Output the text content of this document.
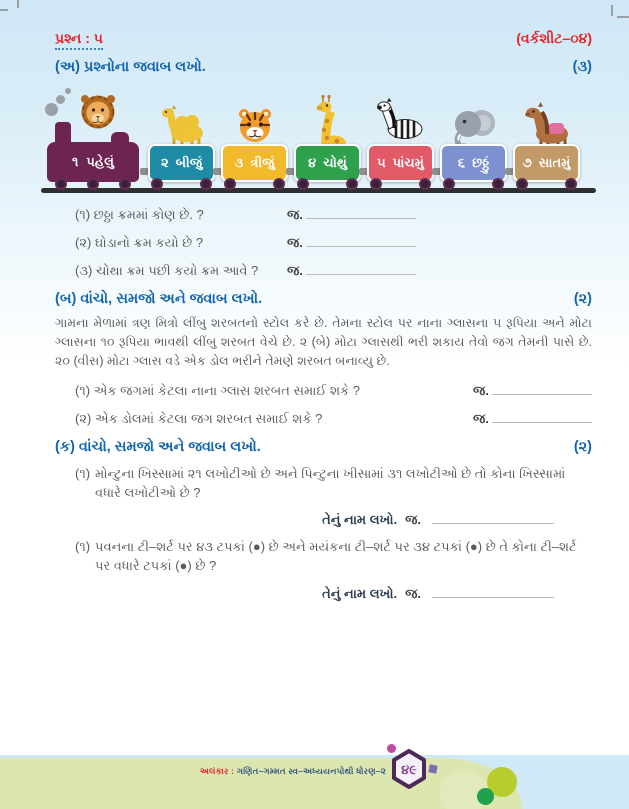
પ્રશ્ન : ૫	(વર્કશીટ–૦૪)
(અ) પ્રશ્નોના જવાબ લખો.	(૩)
૧ પહેલું	૨ બીજું	૩ ત્રીજું	૪ ચોથું ૫ પાંચમું	૬ છઠ્ઠું	૭ સાતમું
(૧) છઠ્ઠા ક્રમમાં કોણ છે. ?	જ.
(૨) ઘોડાનો ક્રમ કયો છે ?	જ.
(૩) ચોથા ક્રમ પછી કયો ક્રમ આવે ?	જ.
(બ) વાંચો, સમજો અને જવાબ લખો.	(૨)
ગામના મેળામાં ત્રણ મિત્રો લીંબુ શરબતનો સ્ટોલ કરે છે. તેમના સ્ટોલ પર નાના ગ્લાસના ૫ રૂપિયા અને મોટા ગ્લાસના ૧૦ રૂપિયા ભાવથી લીંબુ શરબત વેચે છે. ૨ (બે) મોટા ગ્લાસથી ભરી શકાય તેવો જગ તેમની પાસે છે. ૨૦ (વીસ) મોટા ગ્લાસ વડે એક ડોલ ભરીને તેમણે શરબત બનાવ્યુ છે.
(૧) એક જગમાં કેટલા નાના ગ્લાસ શરબત સમાઈ શકે ?	જ.
(૨) એક ડોલમાં કેટલા જગ શરબત સમાઈ શકે ?	જ.
(ક) વાંચો, સમજો અને જવાબ લખો.	(૨)
(૧) મોન્ટુના ખિસ્સામાં ૨૧ લખોટીઓ છે અને પિન્ટુના ખીસામાં ૩૧ લખોટીઓ છે તો કોના ખિસ્સામાં વધારે લખોટીઓ છે ?
તેનું નામ લખો. જ.
(૧) પવનના ટી–શર્ટ પર ૪૩ ટપકાં (●) છે અને મયંકના ટી–શર્ટ પર ૩૪ ટપકાં (●) છે તે કોના ટી–શર્ટ પર વધારે ટપકાં (●) છે ?
તેનું નામ લખો. જ.
૪૯
અલંકાર : ગણિત–ગમ્મત સ્વ–અધ્યયનપોથી ધોરણ–૨
